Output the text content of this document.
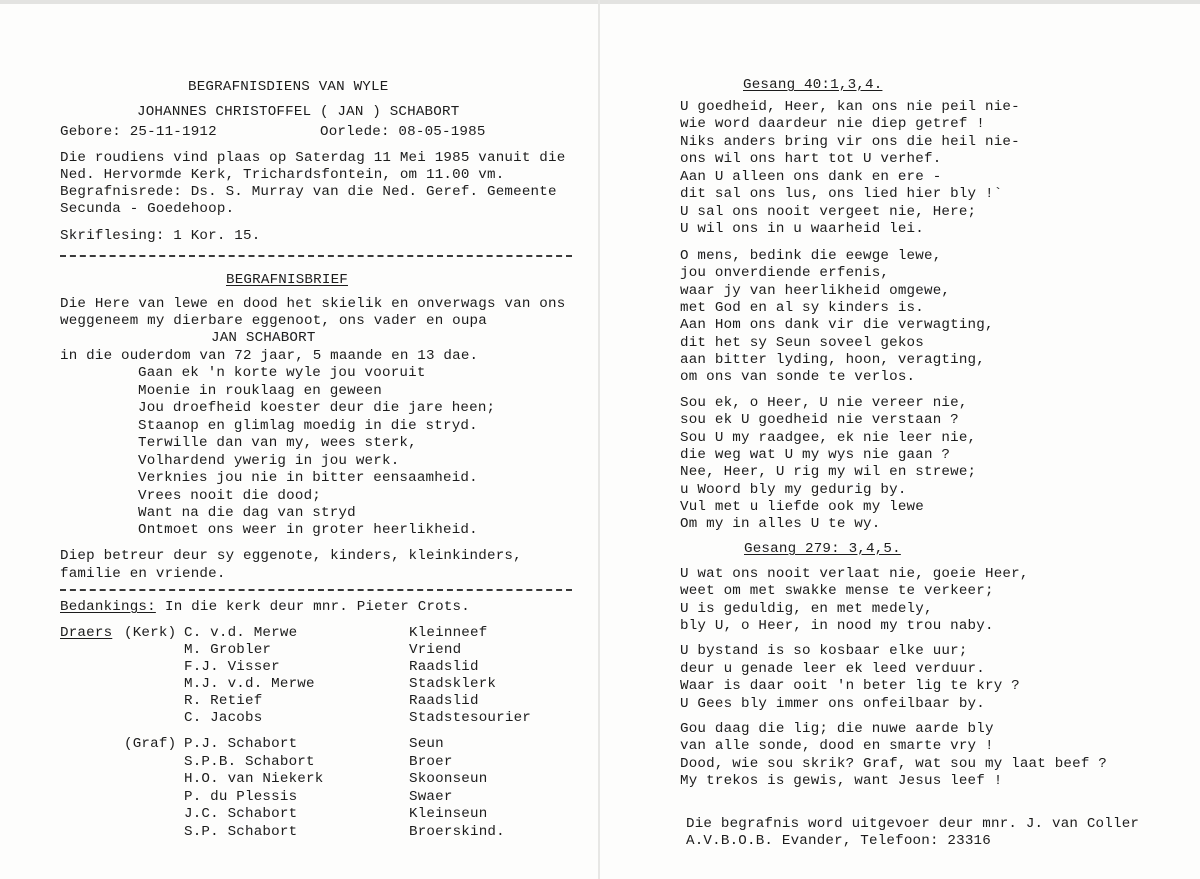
BEGRAFNISDIENS VAN WYLE
JOHANNES CHRISTOFFEL ( JAN ) SCHABORT
Gebore: 25-11-1912	Oorlede: 08-05-1985
Die roudiens vind plaas op Saterdag 11 Mei 1985 vanuit die
Ned. Hervormde Kerk, Trichardsfontein, om 11.00 vm.
Begrafnisrede: Ds. S. Murray van die Ned. Geref. Gemeente
Secunda - Goedehoop.
Skriflesing: 1 Kor. 15.
BEGRAFNISBRIEF
Die Here van lewe en dood het skielik en onverwags van ons
weggeneem my dierbare eggenoot, ons vader en oupa
JAN SCHABORT
in die ouderdom van 72 jaar, 5 maande en 13 dae.
Gaan ek 'n korte wyle jou vooruit
Moenie in rouklaag en geween
Jou droefheid koester deur die jare heen;
Staanop en glimlag moedig in die stryd.
Terwille dan van my, wees sterk,
Volhardend ywerig in jou werk.
Verknies jou nie in bitter eensaamheid.
Vrees nooit die dood;
Want na die dag van stryd
Ontmoet ons weer in groter heerlikheid.
Diep betreur deur sy eggenote, kinders, kleinkinders,
familie en vriende.
Bedankings: In die kerk deur mnr. Pieter Crots.
Draers (Kerk) C. v.d. Merwe	Kleinneef
M. Grobler	Vriend
F.J. Visser	Raadslid
M.J. v.d. Merwe	Stadsklerk
R. Retief	Raadslid
C. Jacobs	Stadstesourier
(Graf) P.J. Schabort	Seun
S.P.B. Schabort	Broer
H.O. van Niekerk	Skoonseun
P. du Plessis	Swaer
J.C. Schabort	Kleinseun
S.P. Schabort	Broerskind.
Gesang 40:1,3,4.
U goedheid, Heer, kan ons nie peil nie-
wie word daardeur nie diep getref !
Niks anders bring vir ons die heil nie-
ons wil ons hart tot U verhef.
Aan U alleen ons dank en ere -
dit sal ons lus, ons lied hier bly !`
U sal ons nooit vergeet nie, Here;
U wil ons in u waarheid lei.
O mens, bedink die eewge lewe,
jou onverdiende erfenis,
waar jy van heerlikheid omgewe,
met God en al sy kinders is.
Aan Hom ons dank vir die verwagting,
dit het sy Seun soveel gekos
aan bitter lyding, hoon, veragting,
om ons van sonde te verlos.
Sou ek, o Heer, U nie vereer nie,
sou ek U goedheid nie verstaan ?
Sou U my raadgee, ek nie leer nie,
die weg wat U my wys nie gaan ?
Nee, Heer, U rig my wil en strewe;
u Woord bly my gedurig by.
Vul met u liefde ook my lewe
Om my in alles U te wy.
Gesang 279: 3,4,5.
U wat ons nooit verlaat nie, goeie Heer,
weet om met swakke mense te verkeer;
U is geduldig, en met medely,
bly U, o Heer, in nood my trou naby.
U bystand is so kosbaar elke uur;
deur u genade leer ek leed verduur.
Waar is daar ooit 'n beter lig te kry ?
U Gees bly immer ons onfeilbaar by.
Gou daag die lig; die nuwe aarde bly
van alle sonde, dood en smarte vry !
Dood, wie sou skrik? Graf, wat sou my laat beef ?
My trekos is gewis, want Jesus leef !
Die begrafnis word uitgevoer deur mnr. J. van Coller
A.V.B.O.B. Evander, Telefoon: 23316
